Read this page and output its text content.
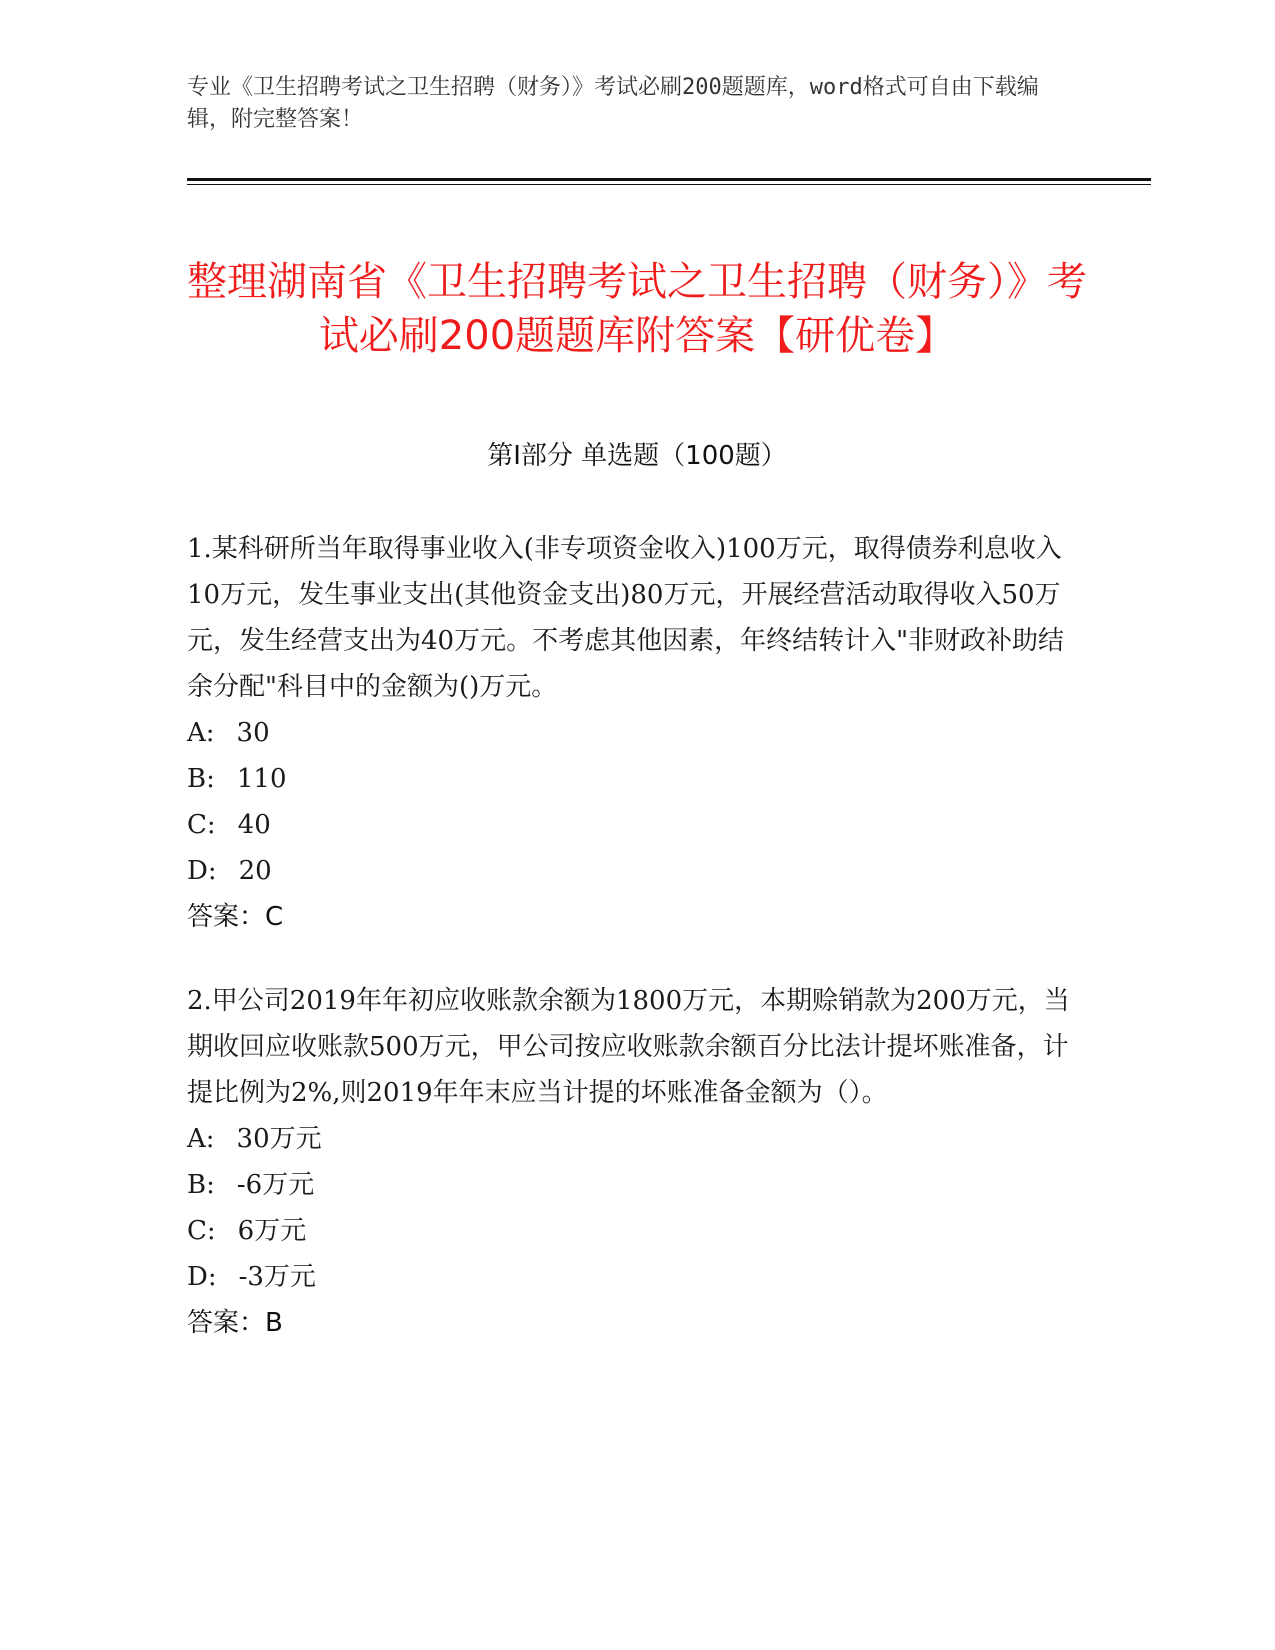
专业《卫生招聘考试之卫生招聘（财务）》考试必刷200题题库，word格式可自由下载编辑，附完整答案！
整理湖南省《卫生招聘考试之卫生招聘（财务）》考试必刷200题题库附答案【研优卷】
第I部分 单选题（100题）

1.某科研所当年取得事业收入(非专项资金收入)100万元，取得债券利息收入10万元，发生事业支出(其他资金支出)80万元，开展经营活动取得收入50万元，发生经营支出为40万元。不考虑其他因素，年终结转计入"非财政补助结余分配"科目中的金额为()万元。

A: 30

B: 110

C: 40

D: 20

答案：C

2.甲公司2019年年初应收账款余额为1800万元，本期赊销款为200万元，当期收回应收账款500万元，甲公司按应收账款余额百分比法计提坏账准备，计提比例为2%,则2019年年末应当计提的坏账准备金额为（）。

A: 30万元

B: -6万元

C: 6万元

D: -3万元

答案：B
